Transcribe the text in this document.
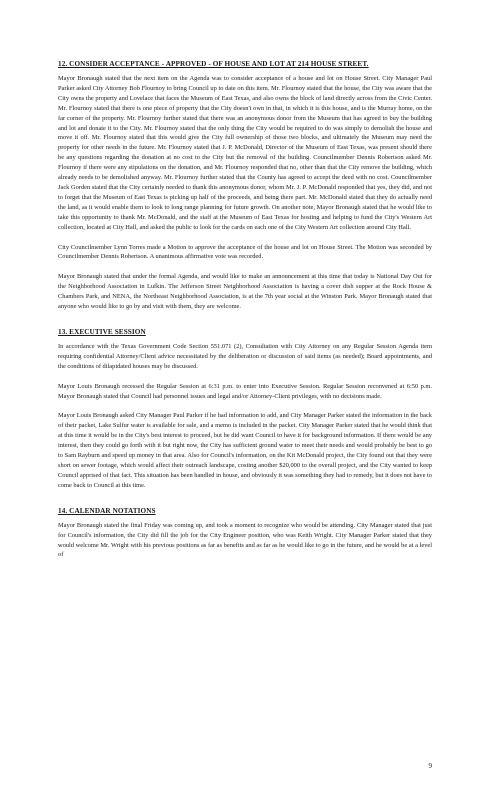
12. CONSIDER ACCEPTANCE - APPROVED - OF HOUSE AND LOT AT 214 HOUSE STREET.

Mayor Bronaugh stated that the next item on the Agenda was to consider acceptance of a house and lot on House Street. City Manager Paul Parker asked City Attorney Bob Flournoy to bring Council up to date on this item. Mr. Flournoy stated that the house, the City was aware that the City owns the property and Lovelace that faces the Museum of East Texas, and also owns the block of land directly across from the Civic Center. Mr. Flournoy stated that there is one piece of property that the City doesn't own in that, in which it is this house, and is the Murray home, on the far corner of the property. Mr. Flournoy further stated that there was an anonymous donor from the Museum that has agreed to buy the building and lot and donate it to the City. Mr. Flournoy stated that the only thing the City would be required to do was simply to demolish the house and move it off. Mr. Flournoy stated that this would give the City full ownership of those two blocks, and ultimately the Museum may need the property for other needs in the future. Mr. Flournoy stated that J. P. McDonald, Director of the Museum of East Texas, was present should there be any questions regarding the donation at no cost to the City but the removal of the building. Councilmember Dennis Robertson asked Mr. Flournoy if there were any stipulations on the donation, and Mr. Flournoy responded that no, other than that the City remove the building, which already needs to be demolished anyway. Mr. Flournoy further stated that the County has agreed to accept the deed with no cost. Councilmember Jack Gorden stated that the City certainly needed to thank this anonymous donor, whom Mr. J. P. McDonald responded that yes, they did, and not to forget that the Museum of East Texas is picking up half of the proceeds, and being there part. Mr. McDonald stated that they do actually need the land, as it would enable them to look to long range planning for future growth. On another note, Mayor Bronaugh stated that he would like to take this opportunity to thank Mr. McDonald, and the staff at the Museum of East Texas for hosting and helping to fund the City's Western Art collection, located at City Hall, and asked the public to look for the cards on each one of the City Western Art collection around City Hall.

City Councilmember Lynn Torres made a Motion to approve the acceptance of the house and lot on House Street. The Motion was seconded by Councilmember Dennis Robertson. A unanimous affirmative vote was recorded.

Mayor Bronaugh stated that under the formal Agenda, and would like to make an announcement at this time that today is National Day Out for the Neighborhood Association in Lufkin. The Jefferson Street Neighborhood Association is having a cover dish supper at the Rock House & Chambers Park, and NENA, the Northeast Neighborhood Association, is at the 7th year social at the Winston Park. Mayor Bronaugh stated that anyone who would like to go by and visit with them, they are welcome.

13. EXECUTIVE SESSION

In accordance with the Texas Government Code Section 551.071 (2), Consultation with City Attorney on any Regular Session Agenda item requiring confidential Attorney/Client advice necessitated by the deliberation or discussion of said items (as needed); Board appointments, and the conditions of dilapidated houses may be discussed.

Mayor Louis Bronaugh recessed the Regular Session at 6:31 p.m. to enter into Executive Session. Regular Session reconvened at 6:50 p.m. Mayor Bronaugh stated that Council had personnel issues and legal and/or Attorney-Client privileges, with no decisions made.

Mayor Louis Bronaugh asked City Manager Paul Parker if he had information to add, and City Manager Parker stated the information in the back of their packet, Lake Sulfur water is available for sale, and a memo is included in the packet. City Manager Parker stated that he would think that at this time it would be in the City's best interest to proceed, but he did want Council to have it for background information. If there would be any interest, then they could go forth with it but right now, the City has sufficient ground water to meet their needs and would probably be best to go to Sam Rayburn and speed up money in that area. Also for Council's information, on the Kit McDonald project, the City found out that they were short on sewer footage, which would affect their outreach landscape, costing another $20,000 to the overall project, and the City wanted to keep Council apprised of that fact. This situation has been handled in house, and obviously it was something they had to remedy, but it does not have to come back to Council at this time.

14. CALENDAR NOTATIONS

Mayor Bronaugh stated the final Friday was coming up, and took a moment to recognize who would be attending. City Manager stated that just for Council's information, the City did fill the job for the City Engineer position, who was Keith Wright. City Manager Parker stated that they would welcome Mr. Wright with his previous positions as far as benefits and as far as he would like to go in the future, and he would be at a level of

9
